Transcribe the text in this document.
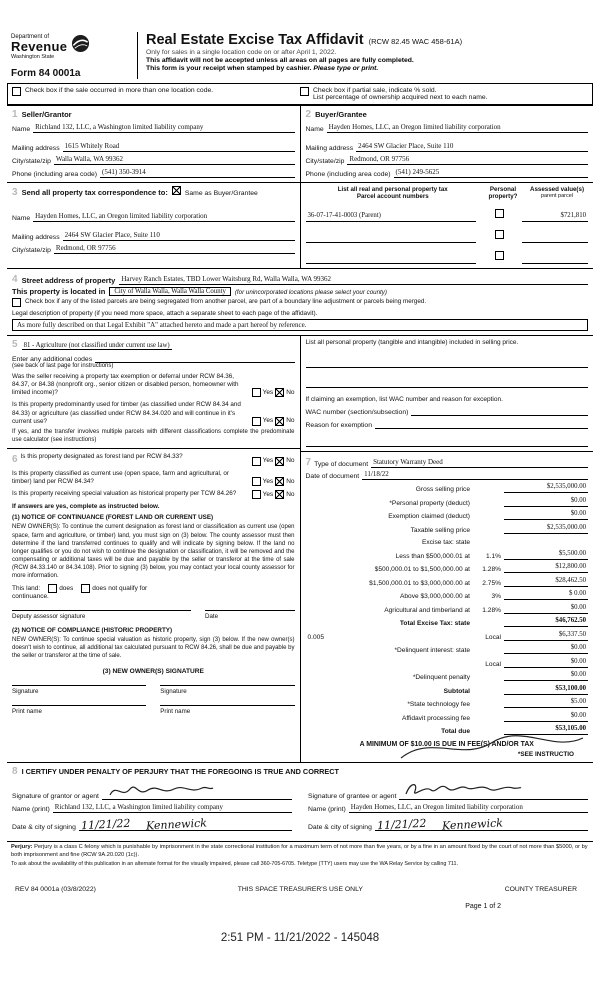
Department of
Revenue
Washington State
Form 84 0001a
Real Estate Excise Tax Affidavit (RCW 82.45 WAC 458-61A)
Only for sales in a single location code on or after April 1, 2022.
This affidavit will not be accepted unless all areas on all pages are fully completed.
This form is your receipt when stamped by cashier. Please type or print.
Check box if the sale occurred in more than one location code.	Check box if partial sale, indicate % sold.
List percentage of ownership acquired next to each name.
1 Seller/Grantor
Name Richland 132, LLC, a Washington limited liability company
Mailing address 1615 Whitely Road
City/state/zip Walla Walla, WA 99362
Phone (including area code) (541) 350-3914
2 Buyer/Grantee
Name Hayden Homes, LLC, an Oregon limited liability corporation
Mailing address 2464 SW Glacier Place, Suite 110
City/state/zip Redmond, OR 97756
Phone (including area code) (541) 249-5625
3 Send all property tax correspondence to:	Same as Buyer/Grantee
Name Hayden Homes, LLC, an Oregon limited liability corporation
Mailing address 2464 SW Glacier Place, Suite 110
City/state/zip Redmond, OR 97756
List all real and personal property tax
Parcel account numbers
Personal property?
Assessed value(s)
parent parcel
36-07-17-41-0003 (Parent)	$721,810
4 Street address of property Harvey Ranch Estates, TBD Lower Waitsburg Rd, Walla Walla, WA 99362
This property is located in	City of Walla Walla, Walla Walla County	(for unincorporated locations please select your county)
Check box if any of the listed parcels are being segregated from another parcel, are part of a boundary line adjustment or parcels being merged.
Legal description of property (if you need more space, attach a separate sheet to each page of the affidavit).
As more fully described on that Legal Exhibit "A" attached hereto and made a part hereof by reference.
5 81 - Agriculture (not classified under current use law)
Enter any additional codes
(see back of last page for instructions)
Was the seller receiving a property tax exemption or deferral under RCW 84.36, 84.37, or 84.38 (nonprofit org., senior citizen or disabled person, homeowner with limited income)?	Yes No
Is this property predominantly used for timber (as classified under RCW 84.34 and 84.33) or agriculture (as classified under RCW 84.34.020 and will continue in it's current use?	Yes No
If yes, and the transfer involves multiple parcels with different classifications complete the predominate use calculator (see instructions)
6 Is this property designated as forest land per RCW 84.33?
Yes No
Is this property classified as current use (open space, farm and agricultural, or timber) land per RCW 84.34?	Yes No
Is this property receiving special valuation as historical property per TCW 84.26?	Yes No
If answers are yes, complete as instructed below.
(1) NOTICE OF CONTINUANCE (FOREST LAND OR CURRENT USE)
NEW OWNER(S): To continue the current designation as forest land or classification as current use (open space, farm and agriculture, or timber) land, you must sign on (3) below. The county assessor must then determine if the land transferred continues to qualify and will indicate by signing below. If the land no longer qualifies or you do not wish to continue the designation or classification, it will be removed and the compensating or additional taxes will be due and payable by the seller or transferor at the time of sale (RCW 84.33.140 or 84.34.108). Prior to signing (3) below, you may contact your local county assessor for more information.
This land:	does	does not qualify for
continuance.
Deputy assessor signature	Date
(2) NOTICE OF COMPLIANCE (HISTORIC PROPERTY)
NEW OWNER(S): To continue special valuation as historic property, sign (3) below. If the new owner(s) doesn't wish to continue, all additional tax calculated pursuant to RCW 84.26, shall be due and payable by the seller or transferor at the time of sale.
(3) NEW OWNER(S) SIGNATURE
Signature	Signature
Print name	Print name
List all personal property (tangible and intangible) included in selling price.
If claiming an exemption, list WAC number and reason for exception.
WAC number (section/subsection)
Reason for exemption
7 Type of document Statutory Warranty Deed
Date of document 11/18/22
Gross selling price	$2,535,000.00
*Personal property (deduct)	$0.00
Exemption claimed (deduct)	$0.00
Taxable selling price	$2,535,000.00
Excise tax: state
Less than $500,000.01 at	1.1%	$5,500.00
$500,000.01 to $1,500,000.00 at	1.28%	$12,800.00
$1,500,000.01 to $3,000,000.00 at	2.75%	$28,462.50
Above $3,000,000.00 at	3%	$ 0.00
Agricultural and timberland at	1.28%	$0.00
Total Excise Tax: state	$46,762.50
0.005	Local	$6,337.50
*Delinquent interest: state	$0.00
Local	$0.00
*Delinquent penalty	$0.00
Subtotal	$53,100.00
*State technology fee	$5.00
Affidavit processing fee	$0.00
Total due	$53,105.00
A MINIMUM OF $10.00 IS DUE IN FEE(S) AND/OR TAX
*SEE INSTRUCTIO
8 I CERTIFY UNDER PENALTY OF PERJURY THAT THE FOREGOING IS TRUE AND CORRECT
Signature of grantor or agent
Name (print) Richland 132, LLC, a Washington limited liability company
Date & city of signing 11/21/22 Kennewick
Signature of grantee or agent
Name (print) Hayden Homes, LLC, an Oregon limited liability corporation
Date & city of signing 11/21/22 Kennewick
Perjury: Perjury is a class C felony which is punishable by imprisonment in the state correctional institution for a maximum term of not more than five years, or by a fine in an amount fixed by the court of not more than $5000, or by both imprisonment and fine (RCW 9A.20.020 (1c)).
To ask about the availability of this publication in an alternate format for the visually impaired, please call 360-705-6705. Teletype (TTY) users may use the WA Relay Service by calling 711.
REV 84 0001a (03/8/2022)	THIS SPACE TREASURER'S USE ONLY	COUNTY TREASURER
Page 1 of 2
2:51 PM - 11/21/2022 - 145048
